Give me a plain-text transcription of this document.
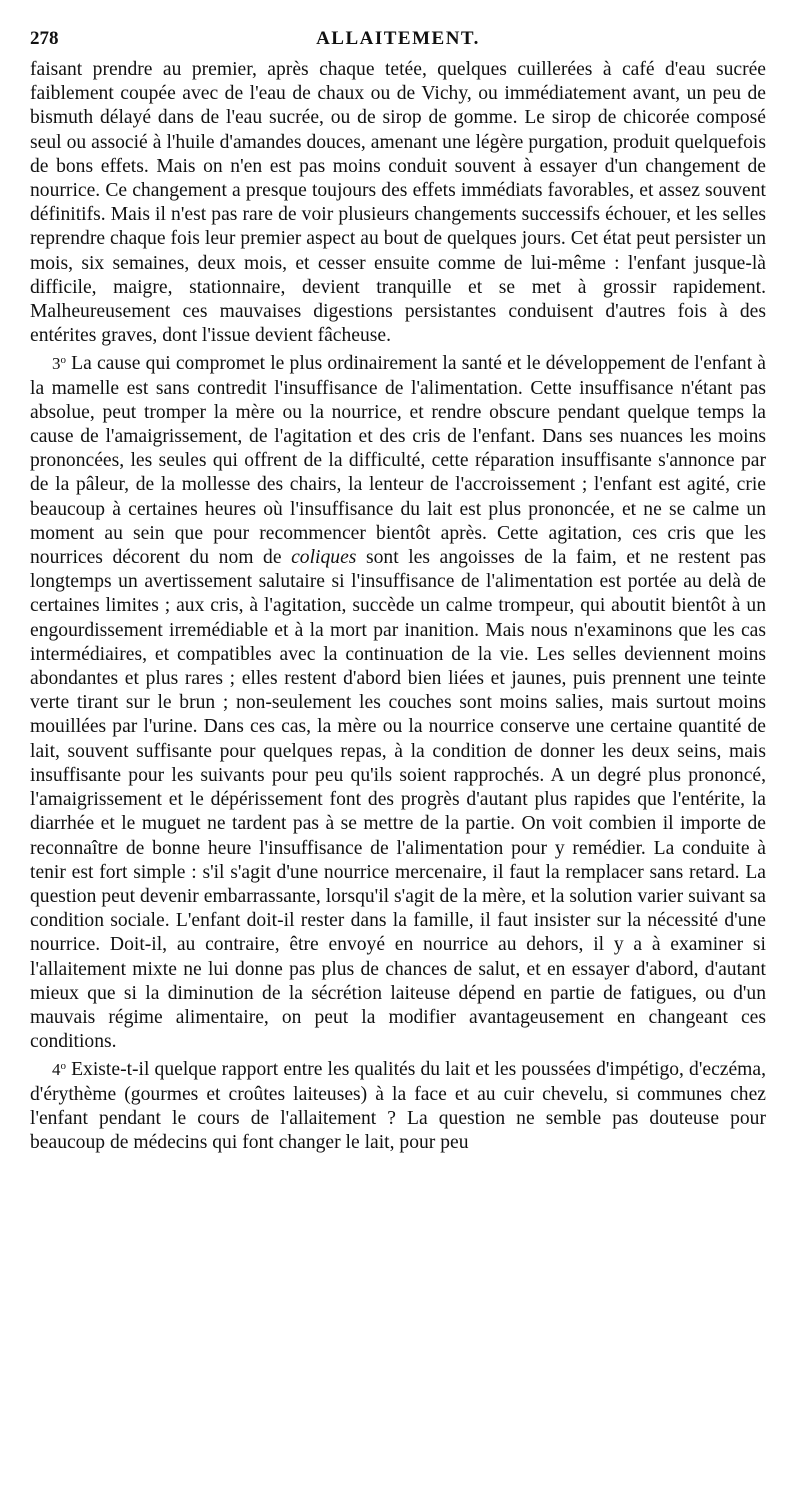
278	ALLAITEMENT.

faisant prendre au premier, après chaque tetée, quelques cuillerées à café d'eau sucrée faiblement coupée avec de l'eau de chaux ou de Vichy, ou immédiatement avant, un peu de bismuth délayé dans de l'eau sucrée, ou de sirop de gomme. Le sirop de chicorée composé seul ou associé à l'huile d'amandes douces, amenant une légère purgation, produit quelquefois de bons effets. Mais on n'en est pas moins conduit souvent à essayer d'un changement de nourrice. Ce changement a presque toujours des effets immédiats favorables, et assez souvent définitifs. Mais il n'est pas rare de voir plusieurs changements successifs échouer, et les selles reprendre chaque fois leur premier aspect au bout de quelques jours. Cet état peut persister un mois, six semaines, deux mois, et cesser ensuite comme de lui-même : l'enfant jusque-là difficile, maigre, stationnaire, devient tranquille et se met à grossir rapidement. Malheureusement ces mauvaises digestions persistantes conduisent d'autres fois à des entérites graves, dont l'issue devient fâcheuse.

3$^o$ La cause qui compromet le plus ordinairement la santé et le développement de l'enfant à la mamelle est sans contredit l'insuffisance de l'alimentation. Cette insuffisance n'étant pas absolue, peut tromper la mère ou la nourrice, et rendre obscure pendant quelque temps la cause de l'amaigrissement, de l'agitation et des cris de l'enfant. Dans ses nuances les moins prononcées, les seules qui offrent de la difficulté, cette réparation insuffisante s'annonce par de la pâleur, de la mollesse des chairs, la lenteur de l'accroissement ; l'enfant est agité, crie beaucoup à certaines heures où l'insuffisance du lait est plus prononcée, et ne se calme un moment au sein que pour recommencer bientôt après. Cette agitation, ces cris que les nourrices décorent du nom de coliques sont les angoisses de la faim, et ne restent pas longtemps un avertissement salutaire si l'insuffisance de l'alimentation est portée au delà de certaines limites ; aux cris, à l'agitation, succède un calme trompeur, qui aboutit bientôt à un engourdissement irremédiable et à la mort par inanition. Mais nous n'examinons que les cas intermédiaires, et compatibles avec la continuation de la vie. Les selles deviennent moins abondantes et plus rares ; elles restent d'abord bien liées et jaunes, puis prennent une teinte verte tirant sur le brun ; non-seulement les couches sont moins salies, mais surtout moins mouillées par l'urine. Dans ces cas, la mère ou la nourrice conserve une certaine quantité de lait, souvent suffisante pour quelques repas, à la condition de donner les deux seins, mais insuffisante pour les suivants pour peu qu'ils soient rapprochés. A un degré plus prononcé, l'amaigrissement et le dépérissement font des progrès d'autant plus rapides que l'entérite, la diarrhée et le muguet ne tardent pas à se mettre de la partie. On voit combien il importe de reconnaître de bonne heure l'insuffisance de l'alimentation pour y remédier. La conduite à tenir est fort simple : s'il s'agit d'une nourrice mercenaire, il faut la remplacer sans retard. La question peut devenir embarrassante, lorsqu'il s'agit de la mère, et la solution varier suivant sa condition sociale. L'enfant doit-il rester dans la famille, il faut insister sur la nécessité d'une nourrice. Doit-il, au contraire, être envoyé en nourrice au dehors, il y a à examiner si l'allaitement mixte ne lui donne pas plus de chances de salut, et en essayer d'abord, d'autant mieux que si la diminution de la sécrétion laiteuse dépend en partie de fatigues, ou d'un mauvais régime alimentaire, on peut la modifier avantageusement en changeant ces conditions.

4$^o$ Existe-t-il quelque rapport entre les qualités du lait et les poussées d'impétigo, d'eczéma, d'érythème (gourmes et croûtes laiteuses) à la face et au cuir chevelu, si communes chez l'enfant pendant le cours de l'allaitement ? La question ne semble pas douteuse pour beaucoup de médecins qui font changer le lait, pour peu
